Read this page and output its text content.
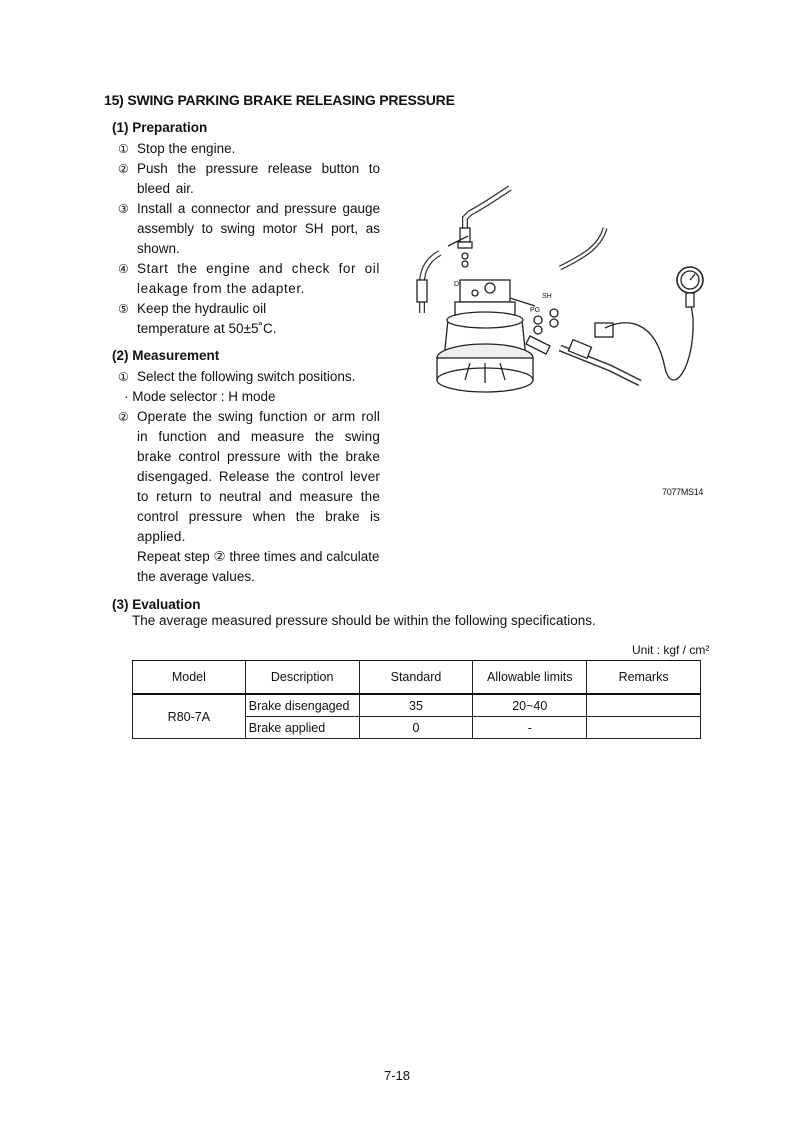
15) SWING PARKING BRAKE RELEASING PRESSURE
(1) Preparation
① Stop the engine.
② Push the pressure release button to bleed air.
③ Install a connector and pressure gauge assembly to swing motor SH port, as shown.
④ Start the engine and check for oil leakage from the adapter.
⑤ Keep the hydraulic oil temperature at 50±5˚C.
(2) Measurement
① Select the following switch positions.
· Mode selector : H mode
② Operate the swing function or arm roll in function and measure the swing brake control pressure with the brake disengaged. Release the control lever to return to neutral and measure the control pressure when the brake is applied.
Repeat step ② three times and calculate the average values.
Dr
SH
PG
7077MS14
(3) Evaluation
The average measured pressure should be within the following specifications.
Unit : kgf / cm²
Model	Description	Standard	Allowable limits	Remarks
R80-7A	Brake disengaged	35	20~40	
	Brake applied	0	-	
7-18
